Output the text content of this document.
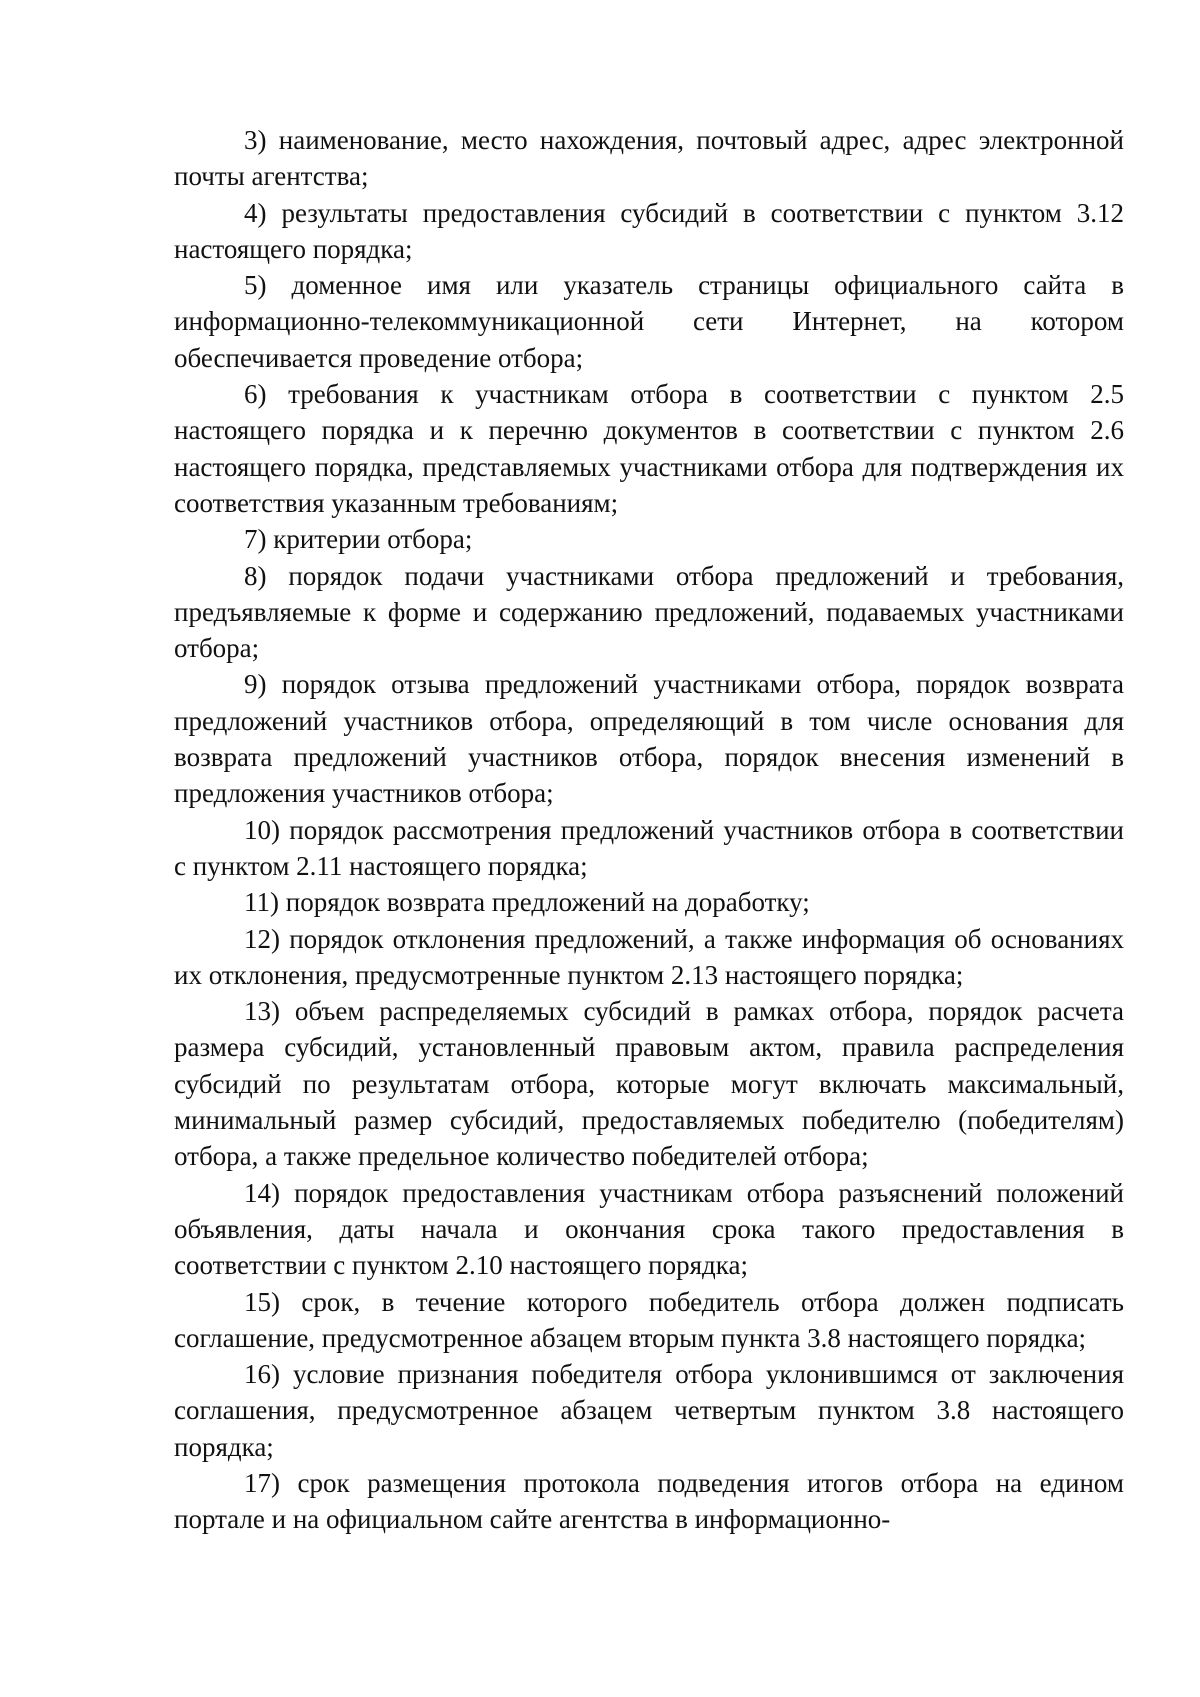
3) наименование, место нахождения, почтовый адрес, адрес электронной почты агентства;

4) результаты предоставления субсидий в соответствии с пунктом 3.12 настоящего порядка;

5) доменное имя или указатель страницы официального сайта в информационно-телекоммуникационной сети Интернет, на котором обеспечивается проведение отбора;

6) требования к участникам отбора в соответствии с пунктом 2.5 настоящего порядка и к перечню документов в соответствии с пунктом 2.6 настоящего порядка, представляемых участниками отбора для подтверждения их соответствия указанным требованиям;

7) критерии отбора;

8) порядок подачи участниками отбора предложений и требования, предъявляемые к форме и содержанию предложений, подаваемых участниками отбора;

9) порядок отзыва предложений участниками отбора, порядок возврата предложений участников отбора, определяющий в том числе основания для возврата предложений участников отбора, порядок внесения изменений в предложения участников отбора;

10) порядок рассмотрения предложений участников отбора в соответствии с пунктом 2.11 настоящего порядка;

11) порядок возврата предложений на доработку;

12) порядок отклонения предложений, а также информация об основаниях их отклонения, предусмотренные пунктом 2.13 настоящего порядка;

13) объем распределяемых субсидий в рамках отбора, порядок расчета размера субсидий, установленный правовым актом, правила распределения субсидий по результатам отбора, которые могут включать максимальный, минимальный размер субсидий, предоставляемых победителю (победителям) отбора, а также предельное количество победителей отбора;

14) порядок предоставления участникам отбора разъяснений положений объявления, даты начала и окончания срока такого предоставления в соответствии с пунктом 2.10 настоящего порядка;

15) срок, в течение которого победитель отбора должен подписать соглашение, предусмотренное абзацем вторым пункта 3.8 настоящего порядка;

16) условие признания победителя отбора уклонившимся от заключения соглашения, предусмотренное абзацем четвертым пунктом 3.8 настоящего порядка;

17) срок размещения протокола подведения итогов отбора на едином портале и на официальном сайте агентства в информационно-
